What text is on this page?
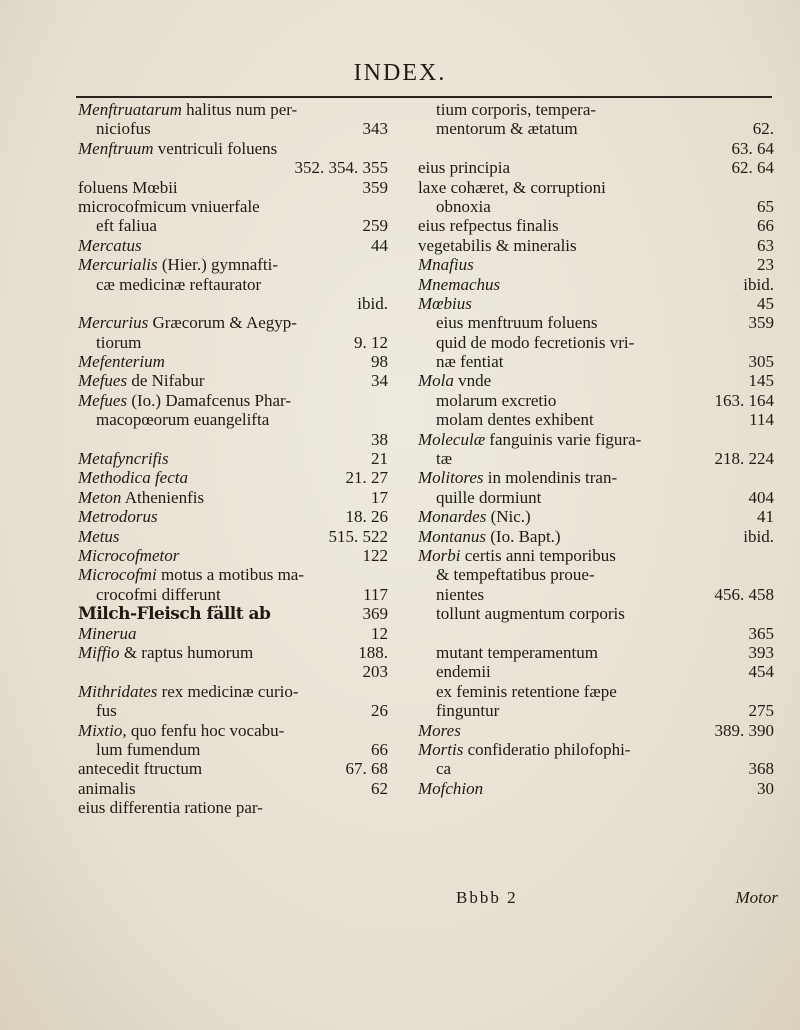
INDEX.
Menftruatarum halitus num per-
niciofus	343
Menftruum ventriculi foluens
352. 354. 355
foluens Mœbii	359
microcofmicum vniuerfale
eft faliua	259
Mercatus	44
Mercurialis (Hier.) gymnafti-
cæ medicinæ reftaurator
ibid.
Mercurius Græcorum & Aegyp-
tiorum	9. 12
Mefenterium	98
Mefues de Nifabur	34
Mefues (Io.) Damafcenus Phar-
macopœorum euangelifta
38
Metafyncrifis	21
Methodica fecta	21. 27
Meton Athenienfis	17
Metrodorus	18. 26
Metus	515. 522
Microcofmetor	122
Microcofmi motus a motibus ma-
crocofmi differunt	117
Milch-Fleisch fällt ab	369
Minerua	12
Miffio & raptus humorum	188.
203
Mithridates rex medicinæ curio-
fus	26
Mixtio, quo fenfu hoc vocabu-
lum fumendum	66
antecedit ftructum	67. 68
animalis	62
eius differentia ratione par-
tium corporis, tempera-
mentorum & ætatum	62.
63. 64
eius principia	62. 64
laxe cohæret, & corruptioni
obnoxia	65
eius refpectus finalis	66
vegetabilis & mineralis	63
Mnafius	23
Mnemachus	ibid.
Mœbius	45
eius menftruum foluens	359
quid de modo fecretionis vri-
næ fentiat	305
Mola vnde	145
molarum excretio	163. 164
molam dentes exhibent	114
Moleculæ fanguinis varie figura-
tæ	218. 224
Molitores in molendinis tran-
quille dormiunt	404
Monardes (Nic.)	41
Montanus (Io. Bapt.)	ibid.
Morbi certis anni temporibus
& tempeftatibus proue-
nientes	456. 458
tollunt augmentum corporis
365
mutant temperamentum	393
endemii	454
ex feminis retentione fæpe
finguntur	275
Mores	389. 390
Mortis confideratio philofophi-
ca	368
Mofchion	30
Bbbb 2	Motor
